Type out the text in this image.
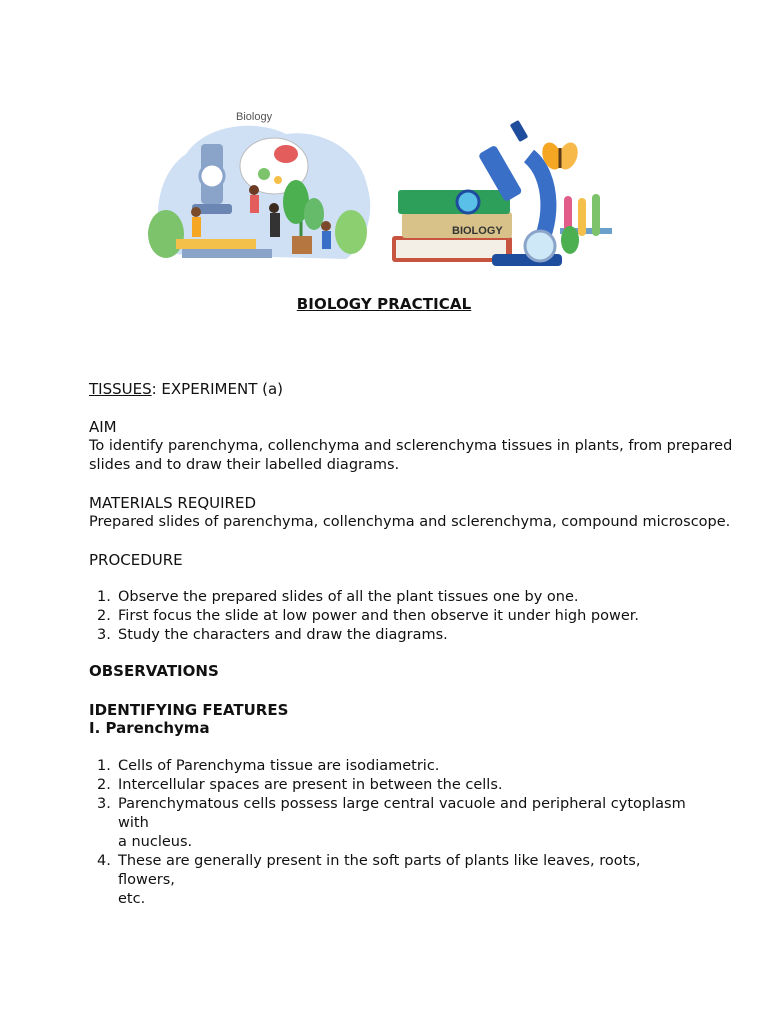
Biology
BIOLOGY
BIOLOGY PRACTICAL
TISSUES: EXPERIMENT (a)
AIM
To identify parenchyma, collenchyma and sclerenchyma tissues in plants, from prepared
slides and to draw their labelled diagrams.
MATERIALS REQUIRED
Prepared slides of parenchyma, collenchyma and sclerenchyma, compound microscope.
PROCEDURE
1. Observe the prepared slides of all the plant tissues one by one.
2. First focus the slide at low power and then observe it under high power.
3. Study the characters and draw the diagrams.
OBSERVATIONS
IDENTIFYING FEATURES
I. Parenchyma
1. Cells of Parenchyma tissue are isodiametric.
2. Intercellular spaces are present in between the cells.
3. Parenchymatous cells possess large central vacuole and peripheral cytoplasm with
a nucleus.
4. These are generally present in the soft parts of plants like leaves, roots, flowers,
etc.
